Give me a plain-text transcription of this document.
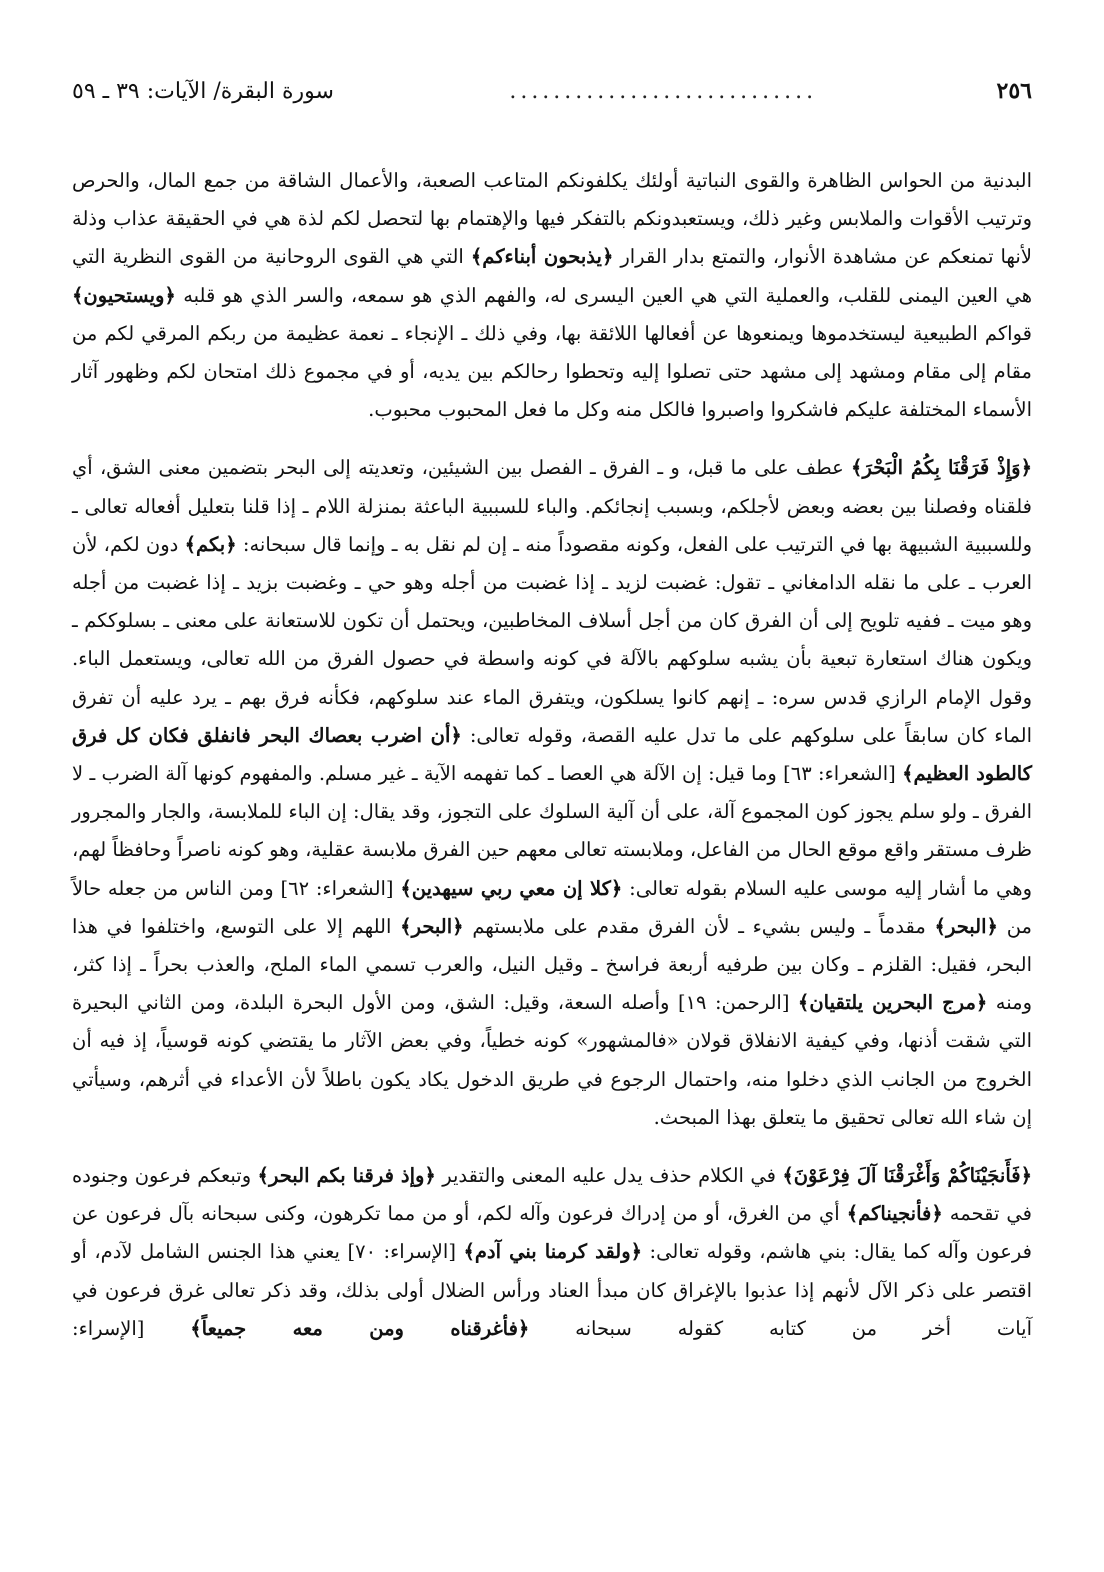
٢٥٦
............................
سورة البقرة/ الآيات: ٣٩ ـ ٥٩

البدنية من الحواس الظاهرة والقوى النباتية أولئك يكلفونكم المتاعب الصعبة، والأعمال الشاقة من جمع المال، والحرص وترتيب الأقوات والملابس وغير ذلك، ويستعبدونكم بالتفكر فيها والإهتمام بها لتحصل لكم لذة هي في الحقيقة عذاب وذلة لأنها تمنعكم عن مشاهدة الأنوار، والتمتع بدار القرار ﴿يذبحون أبناءكم﴾ التي هي القوى الروحانية من القوى النظرية التي هي العين اليمنى للقلب، والعملية التي هي العين اليسرى له، والفهم الذي هو سمعه، والسر الذي هو قلبه ﴿ويستحيون﴾ قواكم الطبيعية ليستخدموها ويمنعوها عن أفعالها اللائقة بها، وفي ذلك ـ الإنجاء ـ نعمة عظيمة من ربكم المرقي لكم من مقام إلى مقام ومشهد إلى مشهد حتى تصلوا إليه وتحطوا رحالكم بين يديه، أو في مجموع ذلك امتحان لكم وظهور آثار الأسماء المختلفة عليكم فاشكروا واصبروا فالكل منه وكل ما فعل المحبوب محبوب.

﴿وَإِذْ فَرَقْنَا بِكُمُ الْبَحْرَ﴾ عطف على ما قبل، و ـ الفرق ـ الفصل بين الشيئين، وتعديته إلى البحر بتضمين معنى الشق، أي فلقناه وفصلنا بين بعضه وبعض لأجلكم، وبسبب إنجائكم. والباء للسببية الباعثة بمنزلة اللام ـ إذا قلنا بتعليل أفعاله تعالى ـ وللسببية الشبيهة بها في الترتيب على الفعل، وكونه مقصوداً منه ـ إن لم نقل به ـ وإنما قال سبحانه: ﴿بكم﴾ دون لكم، لأن العرب ـ على ما نقله الدامغاني ـ تقول: غضبت لزيد ـ إذا غضبت من أجله وهو حي ـ وغضبت بزيد ـ إذا غضبت من أجله وهو ميت ـ ففيه تلويح إلى أن الفرق كان من أجل أسلاف المخاطبين، ويحتمل أن تكون للاستعانة على معنى ـ بسلوككم ـ ويكون هناك استعارة تبعية بأن يشبه سلوكهم بالآلة في كونه واسطة في حصول الفرق من الله تعالى، ويستعمل الباء. وقول الإمام الرازي قدس سره: ـ إنهم كانوا يسلكون، ويتفرق الماء عند سلوكهم، فكأنه فرق بهم ـ يرد عليه أن تفرق الماء كان سابقاً على سلوكهم على ما تدل عليه القصة، وقوله تعالى: ﴿أن اضرب بعصاك البحر فانفلق فكان كل فرق كالطود العظيم﴾ [الشعراء: ٦٣] وما قيل: إن الآلة هي العصا ـ كما تفهمه الآية ـ غير مسلم. والمفهوم كونها آلة الضرب ـ لا الفرق ـ ولو سلم يجوز كون المجموع آلة، على أن آلية السلوك على التجوز، وقد يقال: إن الباء للملابسة، والجار والمجرور ظرف مستقر واقع موقع الحال من الفاعل، وملابسته تعالى معهم حين الفرق ملابسة عقلية، وهو كونه ناصراً وحافظاً لهم، وهي ما أشار إليه موسى عليه السلام بقوله تعالى: ﴿كلا إن معي ربي سيهدين﴾ [الشعراء: ٦٢] ومن الناس من جعله حالاً من ﴿البحر﴾ مقدماً ـ وليس بشيء ـ لأن الفرق مقدم على ملابستهم ﴿البحر﴾ اللهم إلا على التوسع، واختلفوا في هذا البحر، فقيل: القلزم ـ وكان بين طرفيه أربعة فراسخ ـ وقيل النيل، والعرب تسمي الماء الملح، والعذب بحراً ـ إذا كثر، ومنه ﴿مرج البحرين يلتقيان﴾ [الرحمن: ١٩] وأصله السعة، وقيل: الشق، ومن الأول البحرة البلدة، ومن الثاني البحيرة التي شقت أذنها، وفي كيفية الانفلاق قولان «فالمشهور» كونه خطياً، وفي بعض الآثار ما يقتضي كونه قوسياً، إذ فيه أن الخروج من الجانب الذي دخلوا منه، واحتمال الرجوع في طريق الدخول يكاد يكون باطلاً لأن الأعداء في أثرهم، وسيأتي إن شاء الله تعالى تحقيق ما يتعلق بهذا المبحث.

﴿فَأَنجَيْنَاكُمْ وَأَغْرَقْنَا آلَ فِرْعَوْنَ﴾ في الكلام حذف يدل عليه المعنى والتقدير ﴿وإذ فرقنا بكم البحر﴾ وتبعكم فرعون وجنوده في تقحمه ﴿فأنجيناكم﴾ أي من الغرق، أو من إدراك فرعون وآله لكم، أو من مما تكرهون، وكنى سبحانه بآل فرعون عن فرعون وآله كما يقال: بني هاشم، وقوله تعالى: ﴿ولقد كرمنا بني آدم﴾ [الإسراء: ٧٠] يعني هذا الجنس الشامل لآدم، أو اقتصر على ذكر الآل لأنهم إذا عذبوا بالإغراق كان مبدأ العناد ورأس الضلال أولى بذلك، وقد ذكر تعالى غرق فرعون في آيات أخر من كتابه كقوله سبحانه ﴿فأغرقناه ومن معه جميعاً﴾ [الإسراء:
